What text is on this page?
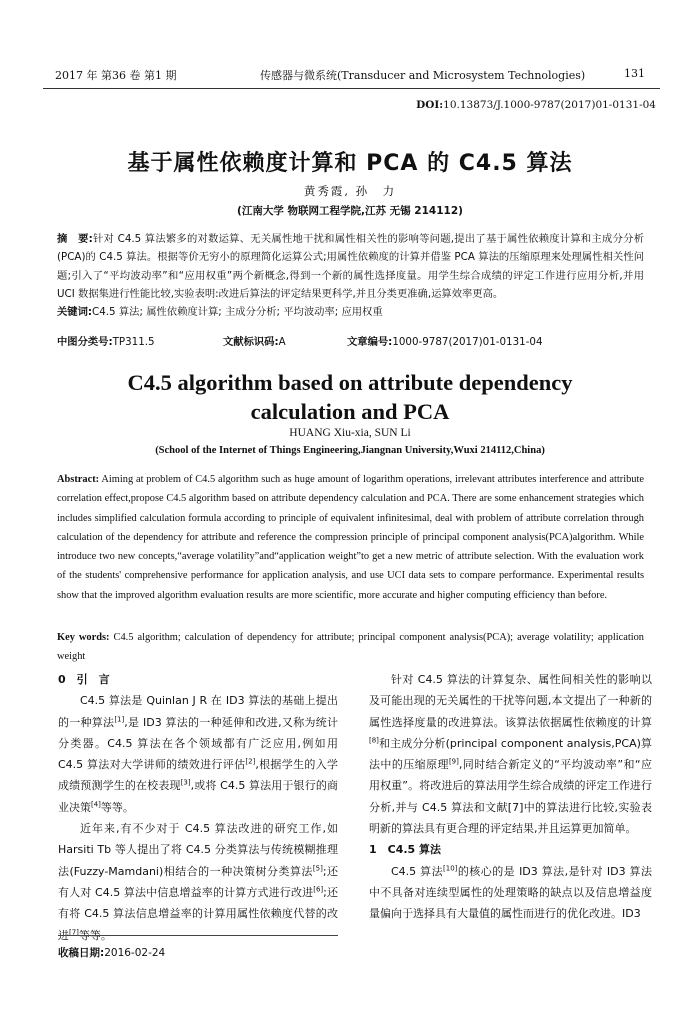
2017 年 第36 卷 第1 期	传感器与微系统(Transducer and Microsystem Technologies)	131
DOI:10.13873/J.1000-9787(2017)01-0131-04
基于属性依赖度计算和 PCA 的 C4.5 算法
黄秀霞, 孙　力
(江南大学 物联网工程学院,江苏 无锡 214112)
摘　要:针对 C4.5 算法繁多的对数运算、无关属性地干扰和属性相关性的影响等问题,提出了基于属性依赖度计算和主成分分析(PCA)的 C4.5 算法。根据等价无穷小的原理简化运算公式;用属性依赖度的计算并借鉴 PCA 算法的压缩原理来处理属性相关性问题;引入了“平均波动率”和“应用权重”两个新概念,得到一个新的属性选择度量。用学生综合成绩的评定工作进行应用分析,并用 UCI 数据集进行性能比较,实验表明:改进后算法的评定结果更科学,并且分类更准确,运算效率更高。
关键词:C4.5 算法; 属性依赖度计算; 主成分分析; 平均波动率; 应用权重
中图分类号:TP311.5	文献标识码:A	文章编号:1000-9787(2017)01-0131-04
C4.5 algorithm based on attribute dependency
calculation and PCA
HUANG Xiu-xia, SUN Li
(School of the Internet of Things Engineering,Jiangnan University,Wuxi 214112,China)
Abstract: Aiming at problem of C4.5 algorithm such as huge amount of logarithm operations, irrelevant attributes interference and attribute correlation effect,propose C4.5 algorithm based on attribute dependency calculation and PCA. There are some enhancement strategies which includes simplified calculation formula according to principle of equivalent infinitesimal, deal with problem of attribute correlation through calculation of the dependency for attribute and reference the compression principle of principal component analysis(PCA)algorithm. While introduce two new concepts,“average volatility”and“application weight”to get a new metric of attribute selection. With the evaluation work of the students' comprehensive performance for application analysis, and use UCI data sets to compare performance. Experimental results show that the improved algorithm evaluation results are more scientific, more accurate and higher computing efficiency than before.
Key words: C4.5 algorithm; calculation of dependency for attribute; principal component analysis(PCA); average volatility; application weight
0　引　言
C4.5 算法是 Quinlan J R 在 ID3 算法的基础上提出的一种算法[1],是 ID3 算法的一种延伸和改进,又称为统计分类器。C4.5 算法在各个领域都有广泛应用,例如用 C4.5 算法对大学讲师的绩效进行评估[2],根据学生的入学成绩预测学生的在校表现[3],或将 C4.5 算法用于银行的商业决策[4]等等。
近年来,有不少对于 C4.5 算法改进的研究工作,如 Harsiti Tb 等人提出了将 C4.5 分类算法与传统模糊推理法(Fuzzy-Mamdani)相结合的一种决策树分类算法[5];还有人对 C4.5 算法中信息增益率的计算方式进行改进[6];还有将 C4.5 算法信息增益率的计算用属性依赖度代替的改进[7]等等。
针对 C4.5 算法的计算复杂、属性间相关性的影响以及可能出现的无关属性的干扰等问题,本文提出了一种新的属性选择度量的改进算法。该算法依据属性依赖度的计算[8]和主成分分析(principal component analysis,PCA)算法中的压缩原理[9],同时结合新定义的“平均波动率”和“应用权重”。将改进后的算法用学生综合成绩的评定工作进行分析,并与 C4.5 算法和文献[7]中的算法进行比较,实验表明新的算法具有更合理的评定结果,并且运算更加简单。
1　C4.5 算法
C4.5 算法[10]的核心的是 ID3 算法,是针对 ID3 算法中不具备对连续型属性的处理策略的缺点以及信息增益度量偏向于选择具有大量值的属性而进行的优化改进。ID3
收稿日期:2016-02-24
